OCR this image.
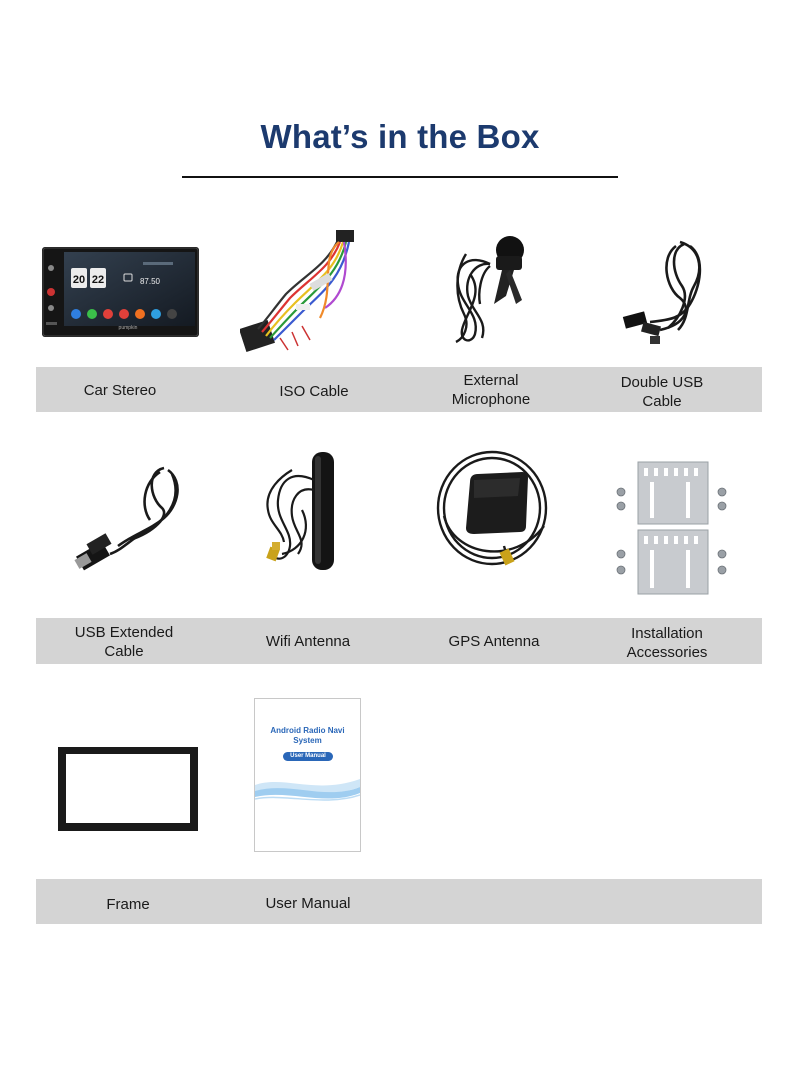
What’s in the Box
20 22	87.50
pumpkin
Car Stereo	ISO Cable
External Microphone
Double USB Cable
USB Extended Cable
Wifi Antenna	GPS Antenna	Installation Accessories
Android Radio Navi System
User Manual
Frame	User Manual
